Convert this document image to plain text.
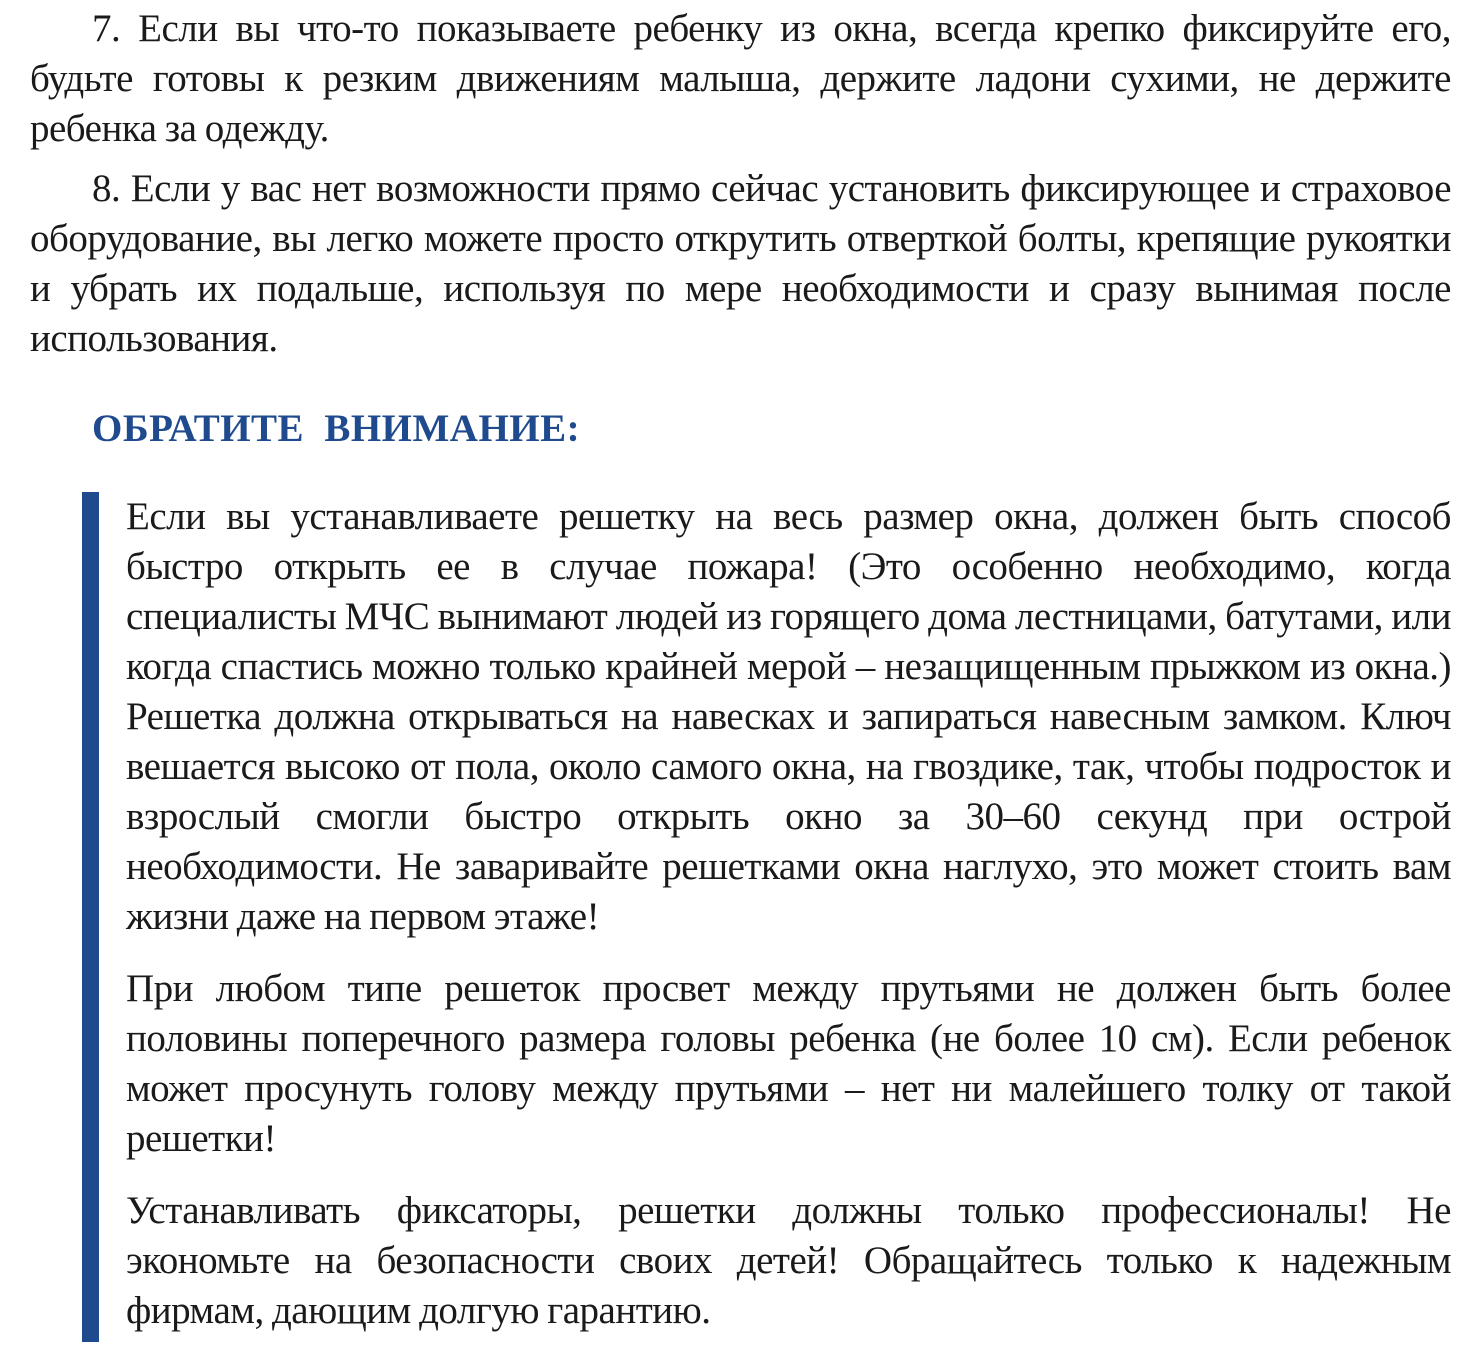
7. Если вы что-то показываете ребенку из окна, всегда крепко фиксируйте его, будьте готовы к резким движениям малыша, держите ладони сухими, не держите ребенка за одежду.

8. Если у вас нет возможности прямо сейчас установить фиксирующее и страховое оборудование, вы легко можете просто открутить отверткой болты, крепящие рукоятки и убрать их подальше, используя по мере необходимости и сразу вынимая после использования.

ОБРАТИТЕ ВНИМАНИЕ:

Если вы устанавливаете решетку на весь размер окна, должен быть способ быстро открыть ее в случае пожара! (Это особенно необходимо, когда специалисты МЧС вынимают людей из горящего дома лестницами, батутами, или когда спастись можно только крайней мерой – незащищенным прыжком из окна.) Решетка должна открываться на навесках и запираться навесным замком. Ключ вешается высоко от пола, около самого окна, на гвоздике, так, чтобы подросток и взрослый смогли быстро открыть окно за 30–60 секунд при острой необходимости. Не заваривайте решетками окна наглухо, это может стоить вам жизни даже на первом этаже!

При любом типе решеток просвет между прутьями не должен быть более половины поперечного размера головы ребенка (не более 10 см). Если ребенок может просунуть голову между прутьями – нет ни малейшего толку от такой решетки!

Устанавливать фиксаторы, решетки должны только профессионалы! Не экономьте на безопасности своих детей! Обращайтесь только к надежным фирмам, дающим долгую гарантию.
